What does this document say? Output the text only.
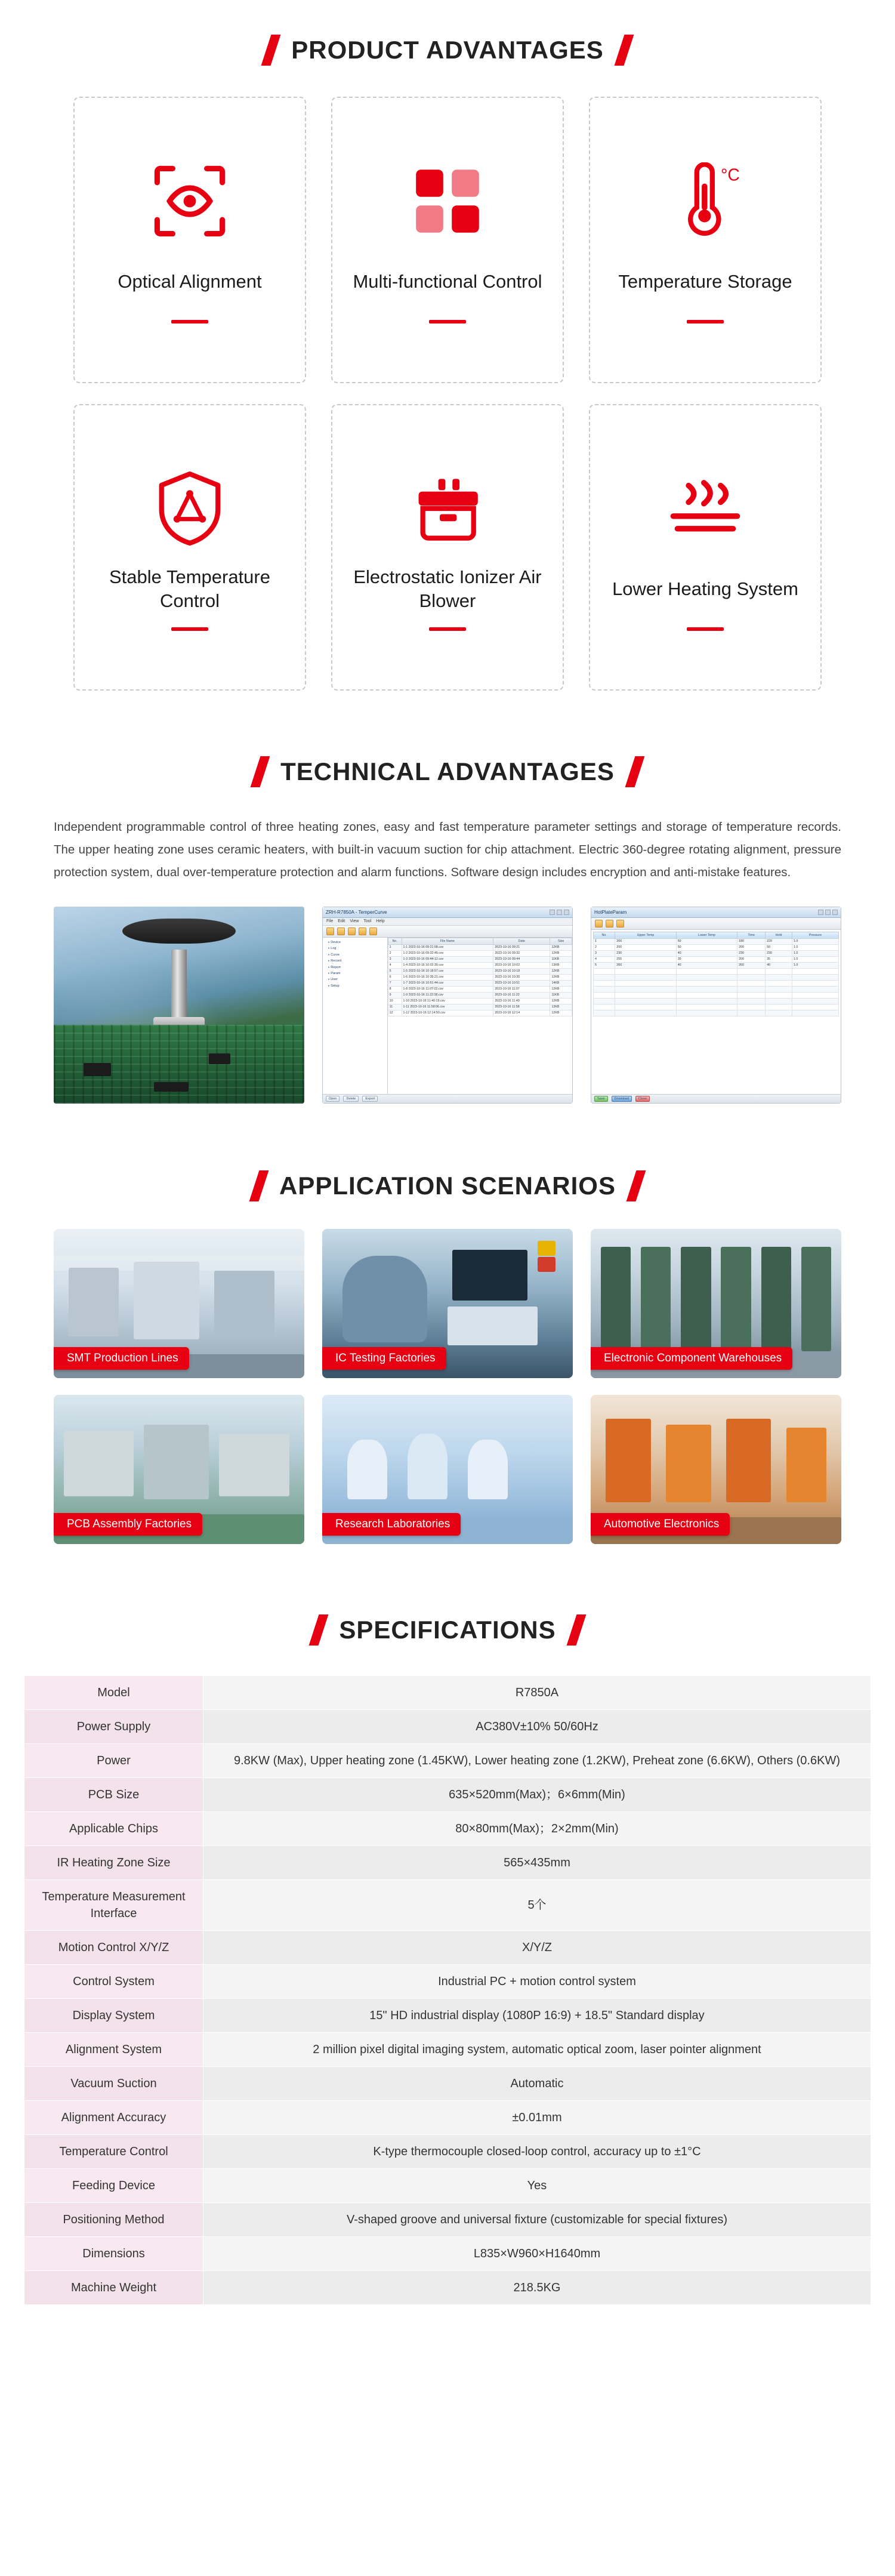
PRODUCT ADVANTAGES
Optical Alignment	Multi-functional Control
°C
Temperature Storage
Stable Temperature Control
Electrostatic Ionizer Air Blower
Lower Heating System
TECHNICAL ADVANTAGES

Independent programmable control of three heating zones, easy and fast temperature parameter settings and storage of temperature records. The upper heating zone uses ceramic heaters, with built-in vacuum suction for chip attachment. Electric 360-degree rotating alignment, pressure protection system, dual over-temperature protection and alarm functions. Software design includes encryption and anti-mistake features.

ZRH-R7850A - TemperCurve
File Edit View Tool Help
▸ Device
▸ Log
▸ Curve
▸ Record
▸ Report
▸ Param
▸ User
▸ Setup
No.	File Name	Date	Size
1	1-1 2023-10-16 09:21:08.csv	2023-10-16 09:21	12KB
2	1-2 2023-10-16 09:32:45.csv	2023-10-16 09:32	12KB
3	1-3 2023-10-16 09:44:12.csv	2023-10-16 09:44	11KB
4	1-4 2023-10-16 10:02:30.csv	2023-10-16 10:02	13KB
5	1-5 2023-10-16 10:18:57.csv	2023-10-16 10:18	12KB
6	1-6 2023-10-16 10:35:21.csv	2023-10-16 10:35	12KB
7	1-7 2023-10-16 10:51:44.csv	2023-10-16 10:51	14KB
8	1-8 2023-10-16 11:07:02.csv	2023-10-16 11:07	12KB
9	1-9 2023-10-16 11:22:38.csv	2023-10-16 11:22	11KB
10	1-10 2023-10-16 11:40:19.csv	2023-10-16 11:40	12KB
11	1-11 2023-10-16 11:58:06.csv	2023-10-16 11:58	13KB
12	1-12 2023-10-16 12:14:50.csv	2023-10-16 12:14	12KB
Open	Delete	Export
HotPlateParam
No.	Upper Temp	Lower Temp	Time	Hold	Pressure
1	200	50	180	220	1.0
2	200	50	200	50	1.0
3	230	40	230	230	1.0
4	255	35	200	35	1.0
5	260	40	260	40	1.0

Save	Download	Close
APPLICATION SCENARIOS
SMT Production Lines	IC Testing Factories	Electronic Component Warehouses
PCB Assembly Factories	Research Laboratories	Automotive Electronics
SPECIFICATIONS
Model	R7850A
Power Supply	AC380V±10% 50/60Hz
Power	9.8KW (Max), Upper heating zone (1.45KW), Lower heating zone (1.2KW), Preheat zone (6.6KW), Others (0.6KW)
PCB Size	635×520mm(Max)；6×6mm(Min)
Applicable Chips	80×80mm(Max)；2×2mm(Min)
IR Heating Zone Size	565×435mm
Temperature Measurement Interface	5个
Motion Control X/Y/Z	X/Y/Z
Control System	Industrial PC + motion control system
Display System	15" HD industrial display (1080P 16:9) + 18.5" Standard display
Alignment System	2 million pixel digital imaging system, automatic optical zoom, laser pointer alignment
Vacuum Suction	Automatic
Alignment Accuracy	±0.01mm
Temperature Control	K-type thermocouple closed-loop control, accuracy up to ±1°C
Feeding Device	Yes
Positioning Method	V-shaped groove and universal fixture (customizable for special fixtures)
Dimensions	L835×W960×H1640mm
Machine Weight	218.5KG
